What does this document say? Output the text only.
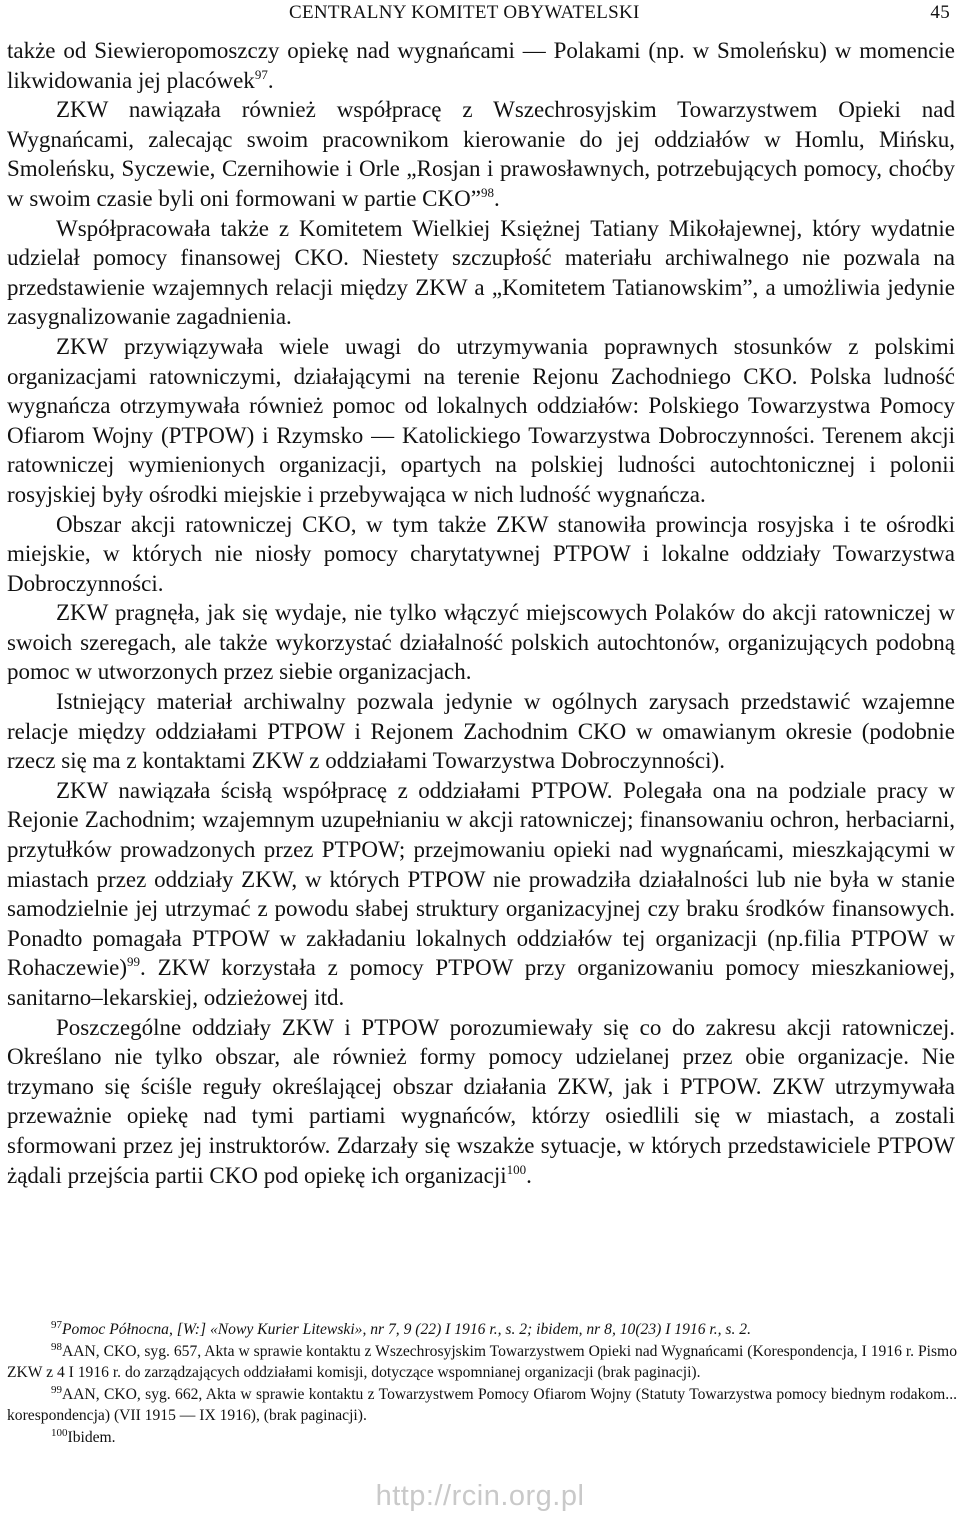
CENTRALNY KOMITET OBYWATELSKI	45

także od Siewieropomoszczy opiekę nad wygnańcami — Polakami (np. w Smoleńsku) w momencie likwidowania jej placówek$^{97}$.

ZKW nawiązała również współpracę z Wszechrosyjskim Towarzystwem Opieki nad Wygnańcami, zalecając swoim pracownikom kierowanie do jej oddziałów w Homlu, Mińsku, Smoleńsku, Syczewie, Czernihowie i Orle „Rosjan i prawosławnych, potrzebujących pomocy, choćby w swoim czasie byli oni formowani w partie CKO”$^{98}$.

Współpracowała także z Komitetem Wielkiej Księżnej Tatiany Mikołajewnej, który wydatnie udzielał pomocy finansowej CKO. Niestety szczupłość materiału archiwalnego nie pozwala na przedstawienie wzajemnych relacji między ZKW a „Komitetem Tatianowskim”, a umożliwia jedynie zasygnalizowanie zagadnienia.

ZKW przywiązywała wiele uwagi do utrzymywania poprawnych stosunków z polskimi organizacjami ratowniczymi, działającymi na terenie Rejonu Zachodniego CKO. Polska ludność wygnańcza otrzymywała również pomoc od lokalnych oddziałów: Polskiego Towarzystwa Pomocy Ofiarom Wojny (PTPOW) i Rzymsko — Katolickiego Towarzystwa Dobroczynności. Terenem akcji ratowniczej wymienionych organizacji, opartych na polskiej ludności autochtonicznej i polonii rosyjskiej były ośrodki miejskie i przebywająca w nich ludność wygnańcza.

Obszar akcji ratowniczej CKO, w tym także ZKW stanowiła prowincja rosyjska i te ośrodki miejskie, w których nie niosły pomocy charytatywnej PTPOW i lokalne oddziały Towarzystwa Dobroczynności.

ZKW pragnęła, jak się wydaje, nie tylko włączyć miejscowych Polaków do akcji ratowniczej w swoich szeregach, ale także wykorzystać działalność polskich autochtonów, organizujących podobną pomoc w utworzonych przez siebie organizacjach.

Istniejący materiał archiwalny pozwala jedynie w ogólnych zarysach przedstawić wzajemne relacje między oddziałami PTPOW i Rejonem Zachodnim CKO w omawianym okresie (podobnie rzecz się ma z kontaktami ZKW z oddziałami Towarzystwa Dobroczynności).

ZKW nawiązała ścisłą współpracę z oddziałami PTPOW. Polegała ona na podziale pracy w Rejonie Zachodnim; wzajemnym uzupełnianiu w akcji ratowniczej; finansowaniu ochron, herbaciarni, przytułków prowadzonych przez PTPOW; przejmowaniu opieki nad wygnańcami, mieszkającymi w miastach przez oddziały ZKW, w których PTPOW nie prowadziła działalności lub nie była w stanie samodzielnie jej utrzymać z powodu słabej struktury organizacyjnej czy braku środków finansowych. Ponadto pomagała PTPOW w zakładaniu lokalnych oddziałów tej organizacji (np.filia PTPOW w Rohaczewie)$^{99}$. ZKW korzystała z pomocy PTPOW przy organizowaniu pomocy mieszkaniowej, sanitarno–lekarskiej, odzieżowej itd.

Poszczególne oddziały ZKW i PTPOW porozumiewały się co do zakresu akcji ratowniczej. Określano nie tylko obszar, ale również formy pomocy udzielanej przez obie organizacje. Nie trzymano się ściśle reguły określającej obszar działania ZKW, jak i PTPOW. ZKW utrzymywała przeważnie opiekę nad tymi partiami wygnańców, którzy osiedlili się w miastach, a zostali sformowani przez jej instruktorów. Zdarzały się wszakże sytuacje, w których przedstawiciele PTPOW żądali przejścia partii CKO pod opiekę ich organizacji$^{100}$.

$^{97}$Pomoc Północna, [W:] «Nowy Kurier Litewski», nr 7, 9 (22) I 1916 r., s. 2; ibidem, nr 8, 10(23) I 1916 r., s. 2.

$^{98}$AAN, CKO, syg. 657, Akta w sprawie kontaktu z Wszechrosyjskim Towarzystwem Opieki nad Wygnańcami (Korespondencja, I 1916 r. Pismo ZKW z 4 I 1916 r. do zarządzających oddziałami komisji, dotyczące wspomnianej organizacji (brak paginacji).

$^{99}$AAN, CKO, syg. 662, Akta w sprawie kontaktu z Towarzystwem Pomocy Ofiarom Wojny (Statuty Towarzystwa pomocy biednym rodakom... korespondencja) (VII 1915 — IX 1916), (brak paginacji).

$^{100}$Ibidem.

http://rcin.org.pl
